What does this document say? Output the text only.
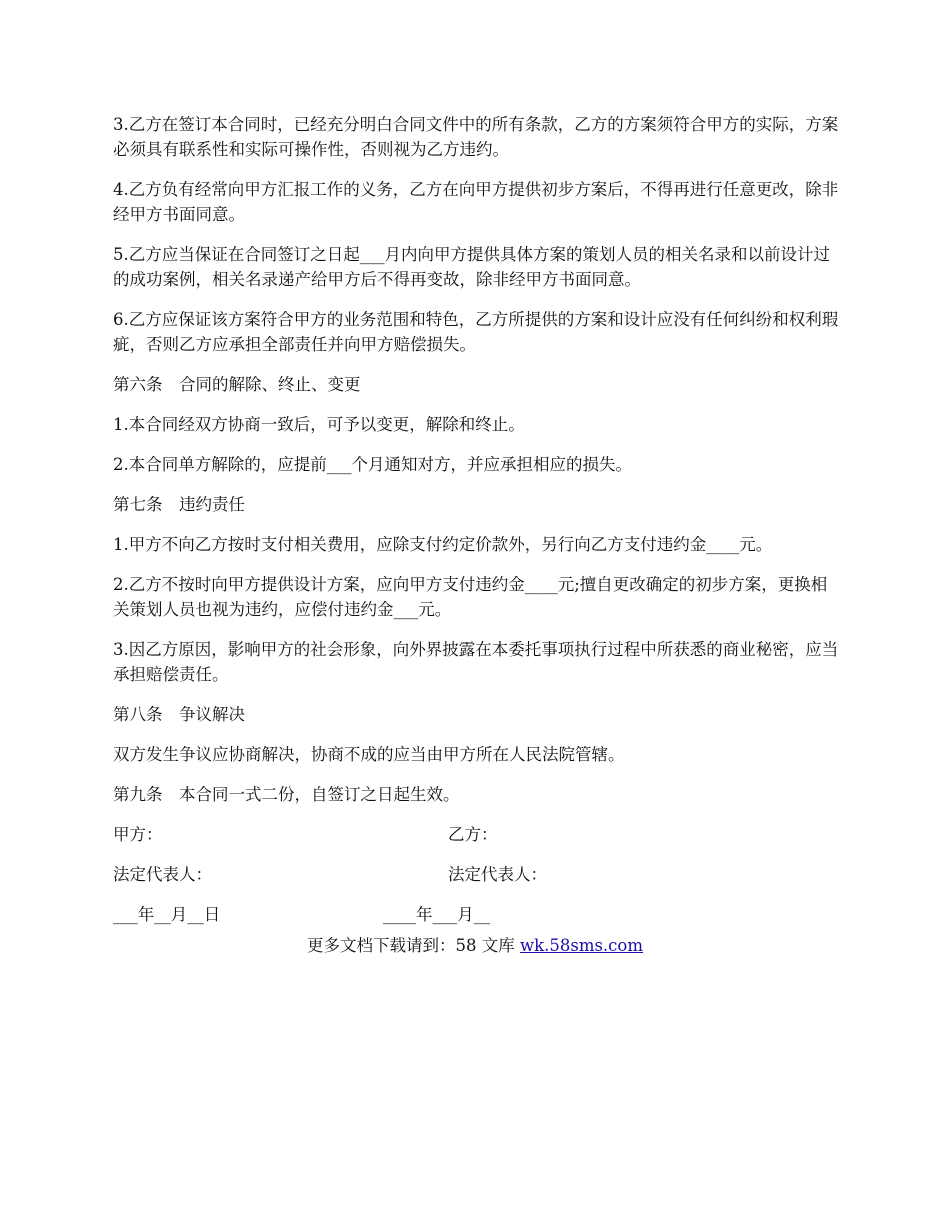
3.乙方在签订本合同时，已经充分明白合同文件中的所有条款，乙方的方案须符合甲方的实际，方案必须具有联系性和实际可操作性，否则视为乙方违约。

4.乙方负有经常向甲方汇报工作的义务，乙方在向甲方提供初步方案后，不得再进行任意更改，除非经甲方书面同意。

5.乙方应当保证在合同签订之日起___月内向甲方提供具体方案的策划人员的相关名录和以前设计过的成功案例，相关名录递产给甲方后不得再变故，除非经甲方书面同意。

6.乙方应保证该方案符合甲方的业务范围和特色，乙方所提供的方案和设计应没有任何纠纷和权利瑕疵，否则乙方应承担全部责任并向甲方赔偿损失。

第六条　合同的解除、终止、变更

1.本合同经双方协商一致后，可予以变更，解除和终止。

2.本合同单方解除的，应提前___个月通知对方，并应承担相应的损失。

第七条　违约责任

1.甲方不向乙方按时支付相关费用，应除支付约定价款外，另行向乙方支付违约金____元。

2.乙方不按时向甲方提供设计方案，应向甲方支付违约金____元;擅自更改确定的初步方案，更换相关策划人员也视为违约，应偿付违约金___元。

3.因乙方原因，影响甲方的社会形象，向外界披露在本委托事项执行过程中所获悉的商业秘密，应当承担赔偿责任。

第八条　争议解决

双方发生争议应协商解决，协商不成的应当由甲方所在人民法院管辖。

第九条　本合同一式二份，自签订之日起生效。

甲方：	乙方：
法定代表人：	法定代表人：
___年__月__日	____年___月__
更多文档下载请到：58 文库 wk.58sms.com
